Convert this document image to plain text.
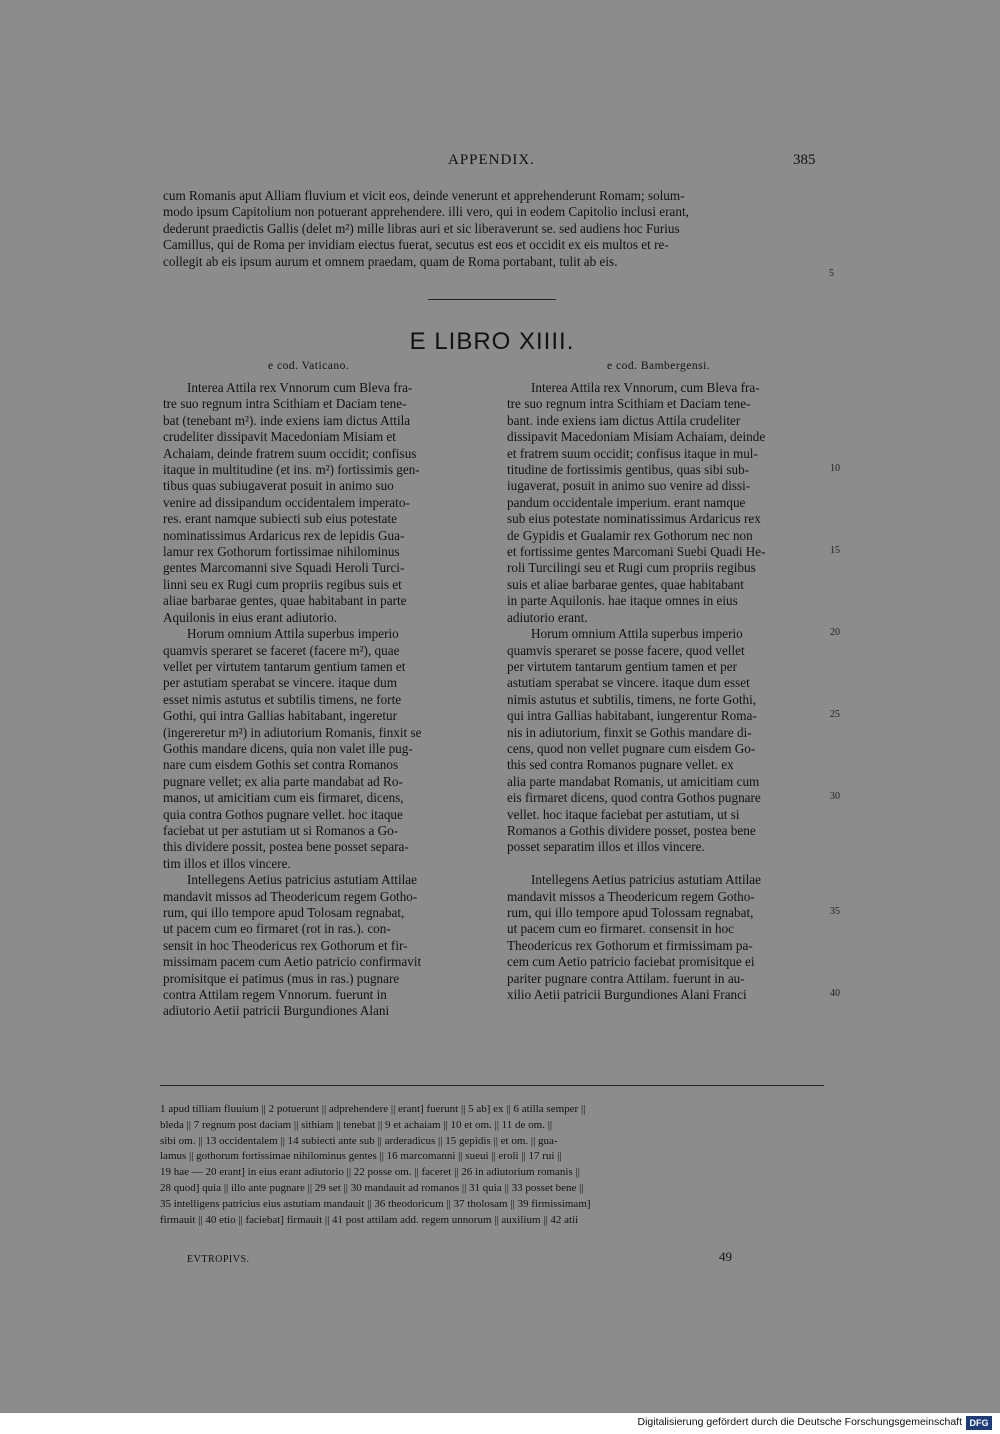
APPENDIX.	385
cum Romanis aput Alliam fluvium et vicit eos, deinde venerunt et apprehenderunt Romam; solum-
modo ipsum Capitolium non potuerant apprehendere. illi vero, qui in eodem Capitolio inclusi erant,
dederunt praedictis Gallis (delet m²) mille libras auri et sic liberaverunt se. sed audiens hoc Furius
Camillus, qui de Roma per invidiam eiectus fuerat, secutus est eos et occidit ex eis multos et re-
collegit ab eis ipsum aurum et omnem praedam, quam de Roma portabant, tulit ab eis.
5
E LIBRO XIIII.
e cod. Vaticano.	e cod. Bambergensi.
Interea Attila rex Vnnorum cum Bleva fra-
tre suo regnum intra Scithiam et Daciam tene-
bat (tenebant m²). inde exiens iam dictus Attila
crudeliter dissipavit Macedoniam Misiam et
Achaiam, deinde fratrem suum occidit; confisus
itaque in multitudine (et ins. m²) fortissimis gen-
tibus quas subiugaverat posuit in animo suo
venire ad dissipandum occidentalem imperato-
res. erant namque subiecti sub eius potestate
nominatissimus Ardaricus rex de lepidis Gua-
lamur rex Gothorum fortissimae nihilominus
gentes Marcomanni sive Squadi Heroli Turci-
linni seu ex Rugi cum propriis regibus suis et
aliae barbarae gentes, quae habitabant in parte
Aquilonis in eius erant adiutorio.
Horum omnium Attila superbus imperio
quamvis speraret se faceret (facere m²), quae
vellet per virtutem tantarum gentium tamen et
per astutiam sperabat se vincere. itaque dum
esset nimis astutus et subtilis timens, ne forte
Gothi, qui intra Gallias habitabant, ingeretur
(ingereretur m²) in adiutorium Romanis, finxit se
Gothis mandare dicens, quia non valet ille pug-
nare cum eisdem Gothis set contra Romanos
pugnare vellet; ex alia parte mandabat ad Ro-
manos, ut amicitiam cum eis firmaret, dicens,
quia contra Gothos pugnare vellet. hoc itaque
faciebat ut per astutiam ut si Romanos a Go-
this dividere possit, postea bene posset separa-
tim illos et illos vincere.
Intellegens Aetius patricius astutiam Attilae
mandavit missos ad Theodericum regem Gotho-
rum, qui illo tempore apud Tolosam regnabat,
ut pacem cum eo firmaret (rot in ras.). con-
sensit in hoc Theodericus rex Gothorum et fir-
missimam pacem cum Aetio patricio confirmavit
promisitque ei patimus (mus in ras.) pugnare
contra Attilam regem Vnnorum. fuerunt in
adiutorio Aetii patricii Burgundiones Alani
Interea Attila rex Vnnorum, cum Bleva fra-
tre suo regnum intra Scithiam et Daciam tene-
bant. inde exiens iam dictus Attila crudeliter
dissipavit Macedoniam Misiam Achaiam, deinde
et fratrem suum occidit; confisus itaque in mul-
titudine de fortissimis gentibus, quas sibi sub-
iugaverat, posuit in animo suo venire ad dissi-
pandum occidentale imperium. erant namque
sub eius potestate nominatissimus Ardaricus rex
de Gypidis et Gualamir rex Gothorum nec non
et fortissime gentes Marcomani Suebi Quadi He-
roli Turcilingi seu et Rugi cum propriis regibus
suis et aliae barbarae gentes, quae habitabant
in parte Aquilonis. hae itaque omnes in eius
adiutorio erant.
Horum omnium Attila superbus imperio
quamvis speraret se posse facere, quod vellet
per virtutem tantarum gentium tamen et per
astutiam sperabat se vincere. itaque dum esset
nimis astutus et subtilis, timens, ne forte Gothi,
qui intra Gallias habitabant, iungerentur Roma-
nis in adiutorium, finxit se Gothis mandare di-
cens, quod non vellet pugnare cum eisdem Go-
this sed contra Romanos pugnare vellet. ex
alia parte mandabat Romanis, ut amicitiam cum
eis firmaret dicens, quod contra Gothos pugnare
vellet. hoc itaque faciebat per astutiam, ut si
Romanos a Gothis dividere posset, postea bene
posset separatim illos et illos vincere.
Intellegens Aetius patricius astutiam Attilae
mandavit missos a Theodericum regem Gotho-
rum, qui illo tempore apud Tolossam regnabat,
ut pacem cum eo firmaret. consensit in hoc
Theodericus rex Gothorum et firmissimam pa-
cem cum Aetio patricio faciebat promisitque ei
pariter pugnare contra Attilam. fuerunt in au-
xilio Aetii patricii Burgundiones Alani Franci
10
15
20
25
30
35
40
1 apud tilliam fluuium || 2 potuerunt || adprehendere || erant] fuerunt || 5 ab] ex || 6 atilla semper ||
bleda || 7 regnum post daciam || sithiam || tenebat || 9 et achaiam || 10 et om. || 11 de om. ||
sibi om. || 13 occidentalem || 14 subiecti ante sub || arderadicus || 15 gepidis || et om. || gua-
lamus || gothorum fortissimae nihilominus gentes || 16 marcomanni || sueui || eroli || 17 rui ||
19 hae — 20 erant] in eius erant adiutorio || 22 posse om. || faceret || 26 in adiutorium romanis ||
28 quod] quia || illo ante pugnare || 29 set || 30 mandauit ad romanos || 31 quia || 33 posset bene ||
35 intelligens patricius eius astutiam mandauit || 36 theodoricum || 37 tholosam || 39 firmissimam]
firmauit || 40 etio || faciebat] firmauit || 41 post attilam add. regem unnorum || auxilium || 42 atii
EVTROPIVS.	49
Digitalisierung gefördert durch die Deutsche Forschungsgemeinschaft DFG
